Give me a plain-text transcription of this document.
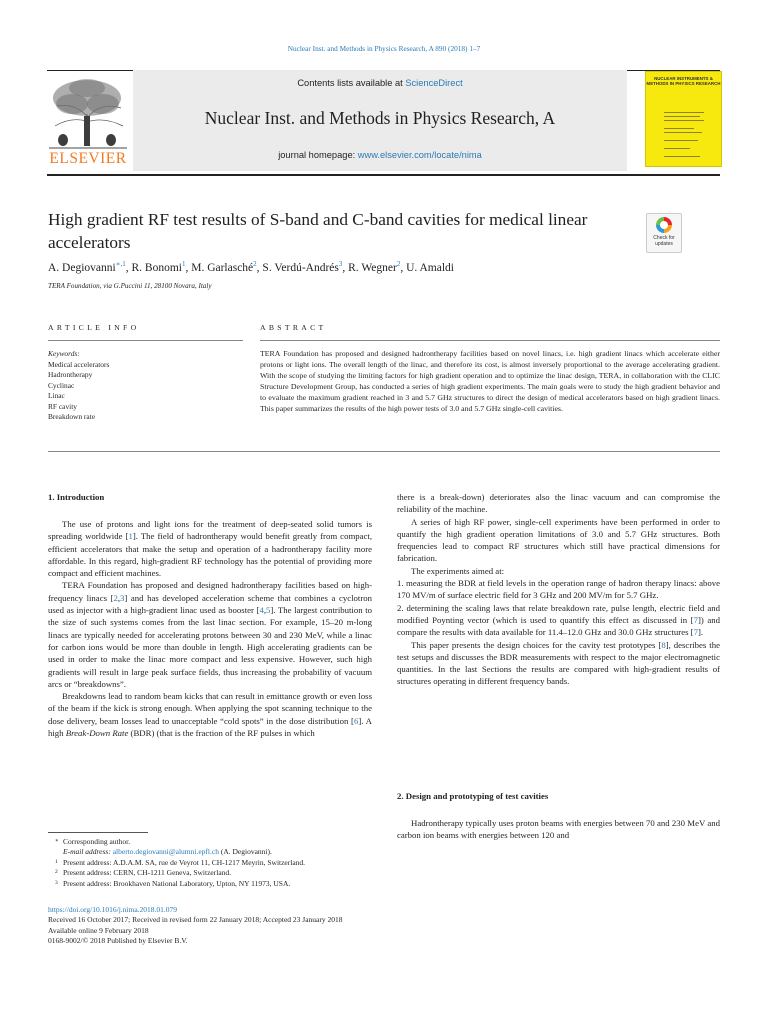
Nuclear Inst. and Methods in Physics Research, A 890 (2018) 1–7
ELSEVIER
Contents lists available at ScienceDirect
Nuclear Inst. and Methods in Physics Research, A
journal homepage: www.elsevier.com/locate/nima
NUCLEAR INSTRUMENTS & METHODS IN PHYSICS RESEARCH
High gradient RF test results of S-band and C-band cavities for medical linear accelerators	Check for updates
A. Degiovanni$^{∗,1}$, R. Bonomi$^1$, M. Garlasché$^2$, S. Verdú-Andrés$^3$, R. Wegner$^2$, U. Amaldi
TERA Foundation, via G.Puccini 11, 28100 Novara, Italy
ARTICLE INFO	ABSTRACT
Keywords:
Medical accelerators
Hadrontherapy
Cyclinac
Linac
RF cavity
Breakdown rate
TERA Foundation has proposed and designed hadrontherapy facilities based on novel linacs, i.e. high gradient linacs which accelerate either protons or light ions. The overall length of the linac, and therefore its cost, is almost inversely proportional to the average accelerating gradient. With the scope of studying the limiting factors for high gradient operation and to optimize the linac design, TERA, in collaboration with the CLIC Structure Development Group, has conducted a series of high gradient experiments. The main goals were to study the high gradient behavior and to evaluate the maximum gradient reached in 3 and 5.7 GHz structures to direct the design of medical accelerators based on high gradient linacs. This paper summarizes the results of the high power tests of 3.0 and 5.7 GHz single-cell cavities.
1. Introduction

The use of protons and light ions for the treatment of deep-seated solid tumors is spreading worldwide [1]. The field of hadrontherapy would benefit greatly from compact, efficient accelerators that make the setup and operation of a hadrontherapy facility more affordable. In this regard, high-gradient RF technology has the potential of providing more compact and efficient machines.

TERA Foundation has proposed and designed hadrontherapy facilities based on high-frequency linacs [2,3] and has developed acceleration scheme that combines a cyclotron used as injector with a high-gradient linac used as booster [4,5]. The largest contribution to the size of such systems comes from the last linac section. For example, 15–20 m-long linacs are typically needed for accelerating protons between 30 and 230 MeV, while a linac for carbon ions would be more than double in length. High accelerating gradients can be used in order to make the linac more compact and less expensive. However, such high gradients will result in large peak surface fields, thus increasing the probability of vacuum arcs or “breakdowns”.

Breakdowns lead to random beam kicks that can result in emittance growth or even loss of the beam if the kick is strong enough. When applying the spot scanning technique to the dose delivery, beam losses lead to unacceptable “cold spots” in the dose distribution [6]. A high Break-Down Rate (BDR) (that is the fraction of the RF pulses in which

there is a break-down) deteriorates also the linac vacuum and can compromise the reliability of the machine.

A series of high RF power, single-cell experiments have been performed in order to quantify the high gradient operation limitations of 3.0 and 5.7 GHz structures. Both frequencies lead to compact RF structures which still have practical dimensions for fabrication.

The experiments aimed at:

1. measuring the BDR at field levels in the operation range of hadron therapy linacs: above 170 MV/m of surface electric field for 3 GHz and 200 MV/m for 5.7 GHz.

2. determining the scaling laws that relate breakdown rate, pulse length, electric field and modified Poynting vector (which is used to quantify this effect as discussed in [7]) and compare the results with data available for 11.4–12.0 GHz and 30.0 GHz structures [7].

This paper presents the design choices for the cavity test prototypes [8], describes the test setups and discusses the BDR measurements with respect to the major electromagnetic quantities. In the last Sections the results are compared with high-gradient results of structures operating in different frequency bands.

2. Design and prototyping of test cavities

Hadrontherapy typically uses proton beams with energies between 70 and 230 MeV and carbon ion beams with energies between 120 and

∗ Corresponding author.
E-mail address: alberto.degiovanni@alumni.epfl.ch (A. Degiovanni).
1 Present address: A.D.A.M. SA, rue de Veyrot 11, CH-1217 Meyrin, Switzerland.
2 Present address: CERN, CH-1211 Geneva, Switzerland.
3 Present address: Brookhaven National Laboratory, Upton, NY 11973, USA.
https://doi.org/10.1016/j.nima.2018.01.079
Received 16 October 2017; Received in revised form 22 January 2018; Accepted 23 January 2018
Available online 9 February 2018
0168-9002/© 2018 Published by Elsevier B.V.
